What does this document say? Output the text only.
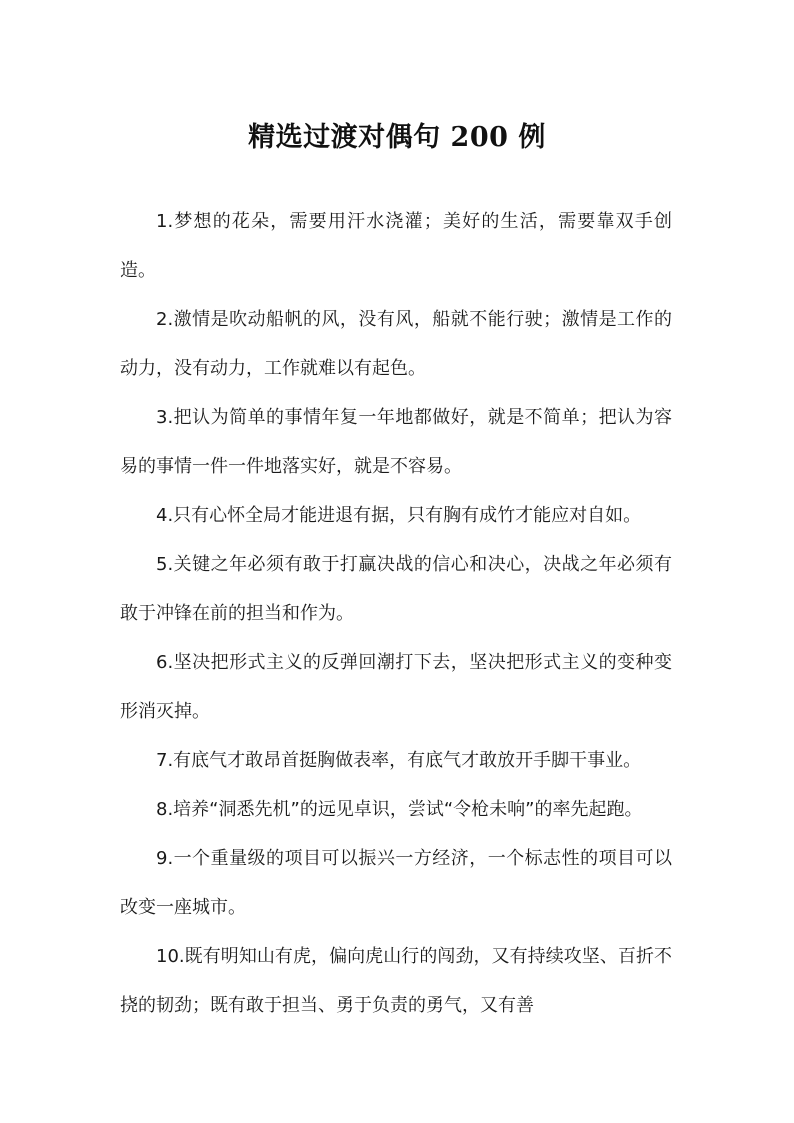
精选过渡对偶句 200 例

1.梦想的花朵，需要用汗水浇灌；美好的生活，需要靠双手创造。

2.激情是吹动船帆的风，没有风，船就不能行驶；激情是工作的动力，没有动力，工作就难以有起色。

3.把认为简单的事情年复一年地都做好，就是不简单；把认为容易的事情一件一件地落实好，就是不容易。

4.只有心怀全局才能进退有据，只有胸有成竹才能应对自如。

5.关键之年必须有敢于打赢决战的信心和决心，决战之年必须有敢于冲锋在前的担当和作为。

6.坚决把形式主义的反弹回潮打下去，坚决把形式主义的变种变形消灭掉。

7.有底气才敢昂首挺胸做表率，有底气才敢放开手脚干事业。

8.培养“洞悉先机”的远见卓识，尝试“令枪未响”的率先起跑。

9.一个重量级的项目可以振兴一方经济，一个标志性的项目可以改变一座城市。

10.既有明知山有虎，偏向虎山行的闯劲，又有持续攻坚、百折不挠的韧劲；既有敢于担当、勇于负责的勇气，又有善
